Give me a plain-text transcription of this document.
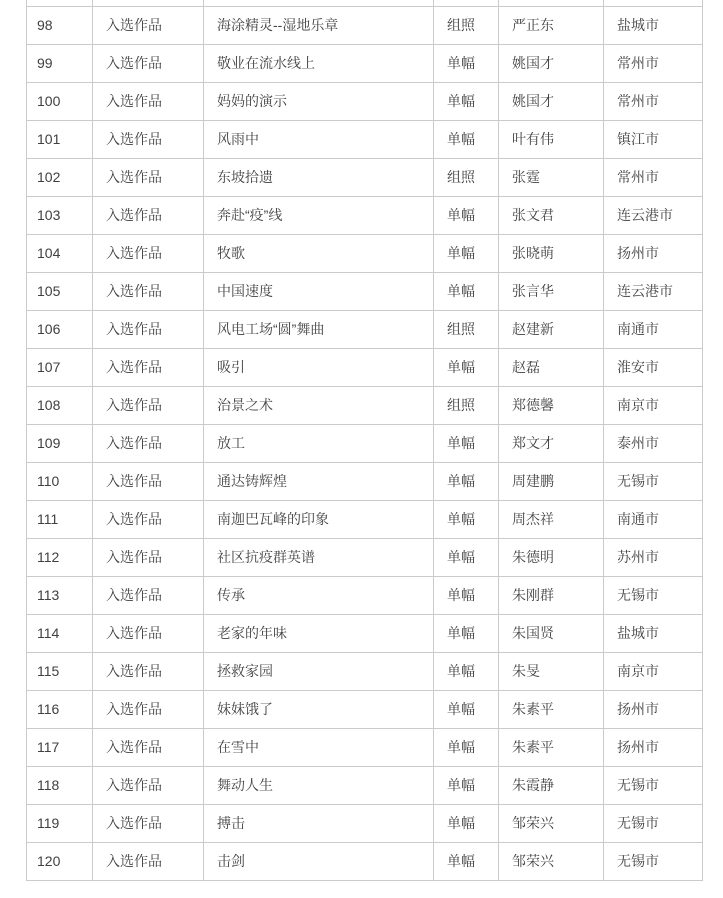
98	入选作品	海涂精灵--湿地乐章	组照	严正东	盐城市
99	入选作品	敬业在流水线上	单幅	姚国才	常州市
100	入选作品	妈妈的演示	单幅	姚国才	常州市
101	入选作品	风雨中	单幅	叶有伟	镇江市
102	入选作品	东坡拾遗	组照	张霆	常州市
103	入选作品	奔赴“疫”线	单幅	张文君	连云港市
104	入选作品	牧歌	单幅	张晓萌	扬州市
105	入选作品	中国速度	单幅	张言华	连云港市
106	入选作品	风电工场“圆”舞曲	组照	赵建新	南通市
107	入选作品	吸引	单幅	赵磊	淮安市
108	入选作品	治景之术	组照	郑德馨	南京市
109	入选作品	放工	单幅	郑文才	泰州市
110	入选作品	通达铸辉煌	单幅	周建鹏	无锡市
111	入选作品	南迦巴瓦峰的印象	单幅	周杰祥	南通市
112	入选作品	社区抗疫群英谱	单幅	朱德明	苏州市
113	入选作品	传承	单幅	朱刚群	无锡市
114	入选作品	老家的年味	单幅	朱国贤	盐城市
115	入选作品	拯救家园	单幅	朱旻	南京市
116	入选作品	妹妹饿了	单幅	朱素平	扬州市
117	入选作品	在雪中	单幅	朱素平	扬州市
118	入选作品	舞动人生	单幅	朱霞静	无锡市
119	入选作品	搏击	单幅	邹荣兴	无锡市
120	入选作品	击剑	单幅	邹荣兴	无锡市
